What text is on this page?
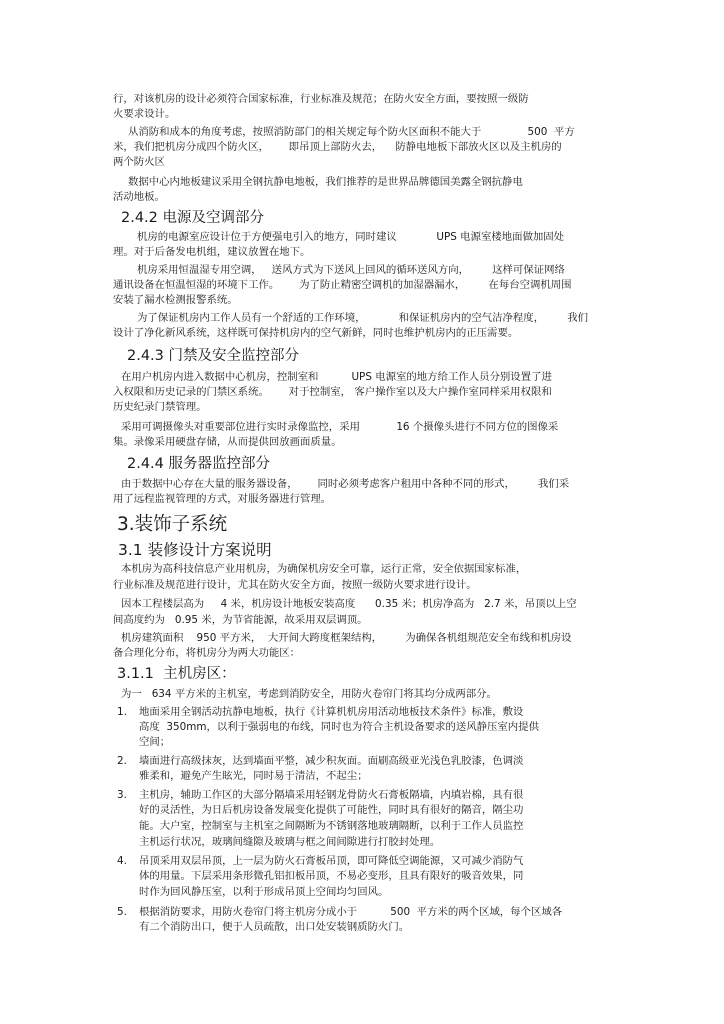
行，对该机房的设计必须符合国家标准，行业标准及规范；在防火安全方面，要按照一级防
火要求设计。
从消防和成本的角度考虑，按照消防部门的相关规定每个防火区面积不能大于              500  平方
米，我们把机房分成四个防火区，      即吊顶上部防火去，    防静电地板下部放火区以及主机房的
两个防火区
数据中心内地板建议采用全钢抗静电地板，我们推荐的是世界品牌德国美露全钢抗静电
活动地板。
2.4.2 电源及空调部分
机房的电源室应设计位于方便强电引入的地方，同时建议            UPS 电源室楼地面做加固处
理。对于后备发电机组，建议放置在地下。
机房采用恒温湿专用空调，   送风方式为下送风上回风的循环送风方向，       这样可保证网络
通讯设备在恒温恒湿的环境下工作。      为了防止精密空调机的加湿器漏水，       在每台空调机周围
安装了漏水检测报警系统。
为了保证机房内工作人员有一个舒适的工作环境，          和保证机房内的空气洁净程度，       我们
设计了净化新风系统，这样既可保持机房内的空气新鲜，同时也维护机房内的正压需要。
2.4.3 门禁及安全监控部分
在用户机房内进入数据中心机房，控制室和          UPS 电源室的地方给工作人员分别设置了进
入权限和历史记录的门禁区系统。      对于控制室， 客户操作室以及大户操作室同样采用权限和
历史纪录门禁管理。
采用可调摄像头对重要部位进行实时录像监控，采用           16 个摄像头进行不同方位的图像采
集。录像采用硬盘存储，从而提供回放画面质量。
2.4.4 服务器监控部分
由于数据中心存在大量的服务器设备，      同时必须考虑客户租用中各种不同的形式，       我们采
用了远程监视管理的方式，对服务器进行管理。
3.装饰子系统
3.1 装修设计方案说明
本机房为高科技信息产业用机房，为确保机房安全可靠，运行正常，安全依据国家标准，
行业标准及规范进行设计，尤其在防火安全方面，按照一级防火要求进行设计。
因本工程楼层高为     4 米，机房设计地板安装高度      0.35 米；机房净高为   2.7 米，吊顶以上空
间高度约为   0.95 米，为节省能源，故采用双层调顶。
机房建筑面积    950 平方米，  大开间大跨度框架结构，       为确保各机组规范安全布线和机房设
备合理化分布，将机房分为两大功能区：
3.1.1  主机房区：
为一   634 平方米的主机室，考虑到消防安全，用防火卷帘门将其均分成两部分。
1. 地面采用全钢活动抗静电地板，执行《计算机机房用活动地板技术条件》标准，敷设
高度  350mm，以利于强弱电的布线，同时也为符合主机设备要求的送风静压室内提供
空间；
2. 墙面进行高级抹灰，达到墙面平整，减少积灰面。面刷高级亚光浅色乳胶漆，色调淡
雅柔和，避免产生眩光，同时易于清洁，不起尘；
3. 主机房，辅助工作区的大部分隔墙采用轻钢龙骨防火石膏板隔墙，内填岩棉，具有很
好的灵活性，为日后机房设备发展变化提供了可能性，同时具有很好的隔音，隔尘功
能。大户室，控制室与主机室之间隔断为不锈钢落地玻璃隔断，以利于工作人员监控
主机运行状况，玻璃间缝隙及玻璃与框之间间隙进行打胶封处理。
4. 吊顶采用双层吊顶，上一层为防火石膏板吊顶，即可降低空调能源，又可减少消防气
体的用量。下层采用条形微孔铝扣板吊顶，不易必变形，且具有限好的吸音效果，同
时作为回风静压室，以利于形成吊顶上空间均匀回风。
5. 根据消防要求，用防火卷帘门将主机房分成小于          500  平方米的两个区域，每个区域各
有二个消防出口，便于人员疏散，出口处安装钢质防火门。
